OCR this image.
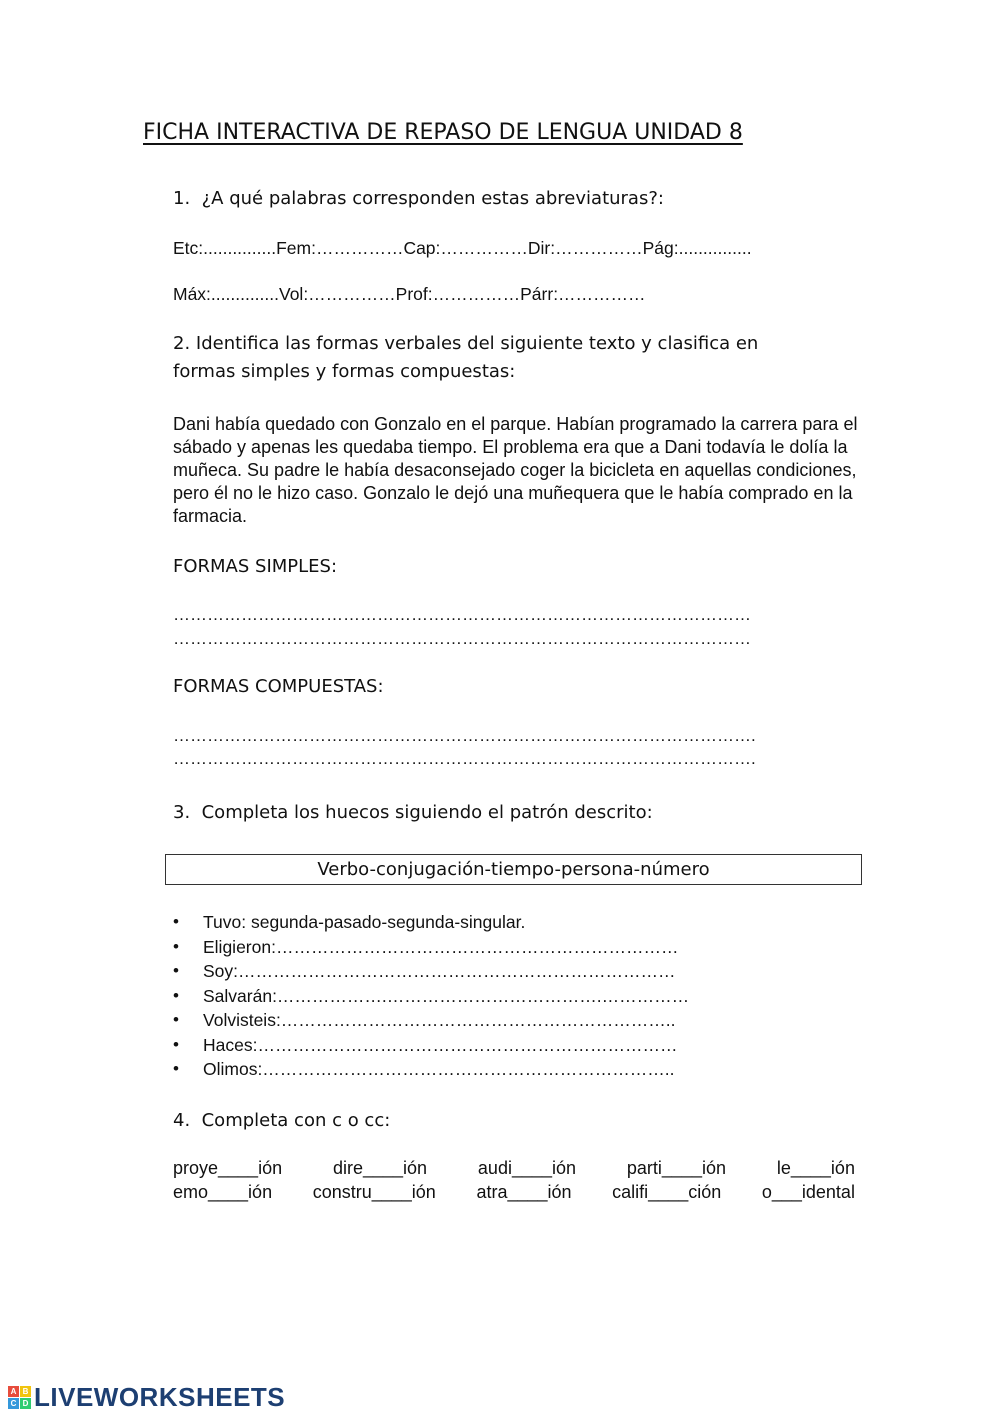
FICHA INTERACTIVA DE REPASO DE LENGUA UNIDAD 8
1.  ¿A qué palabras corresponden estas abreviaturas?:
Etc:...............Fem:……………Cap:……………Dir:……………Pág:...............
Máx:..............Vol:……………Prof:……………Párr:……………
2. Identifica las formas verbales del siguiente texto y clasifica en
formas simples y formas compuestas:
Dani había quedado con Gonzalo en el parque. Habían programado la carrera para el sábado y apenas les quedaba tiempo. El problema era que a Dani todavía le dolía la muñeca. Su padre le había desaconsejado coger la bicicleta en aquellas condiciones, pero él no le hizo caso. Gonzalo le dejó una muñequera que le había comprado en la farmacia.
FORMAS SIMPLES:
…………………………………………………………………………………………
…………………………………………………………………………………………
FORMAS COMPUESTAS:
………………………………………………………………………………………….
………………………………………………………………………………………….
3.  Completa los huecos siguiendo el patrón descrito:
Verbo-conjugación-tiempo-persona-número
• Tuvo: segunda-pasado-segunda-singular.
• Eligieron:……………………………………………………………
• Soy:…………………………………………………………………
• Salvarán:……………….……………………………….……………
• Volvisteis:…………………………………………………………..
• Haces:………………………………………………………………
• Olimos:……………………………………………………………..
4.  Completa con c o cc:
proye____ión	dire____ión	audi____ión	parti____ión	le____ión
emo____ión constru____ión atra____ión califi____ción o___idental
A B
C D LIVEWORKSHEETS
